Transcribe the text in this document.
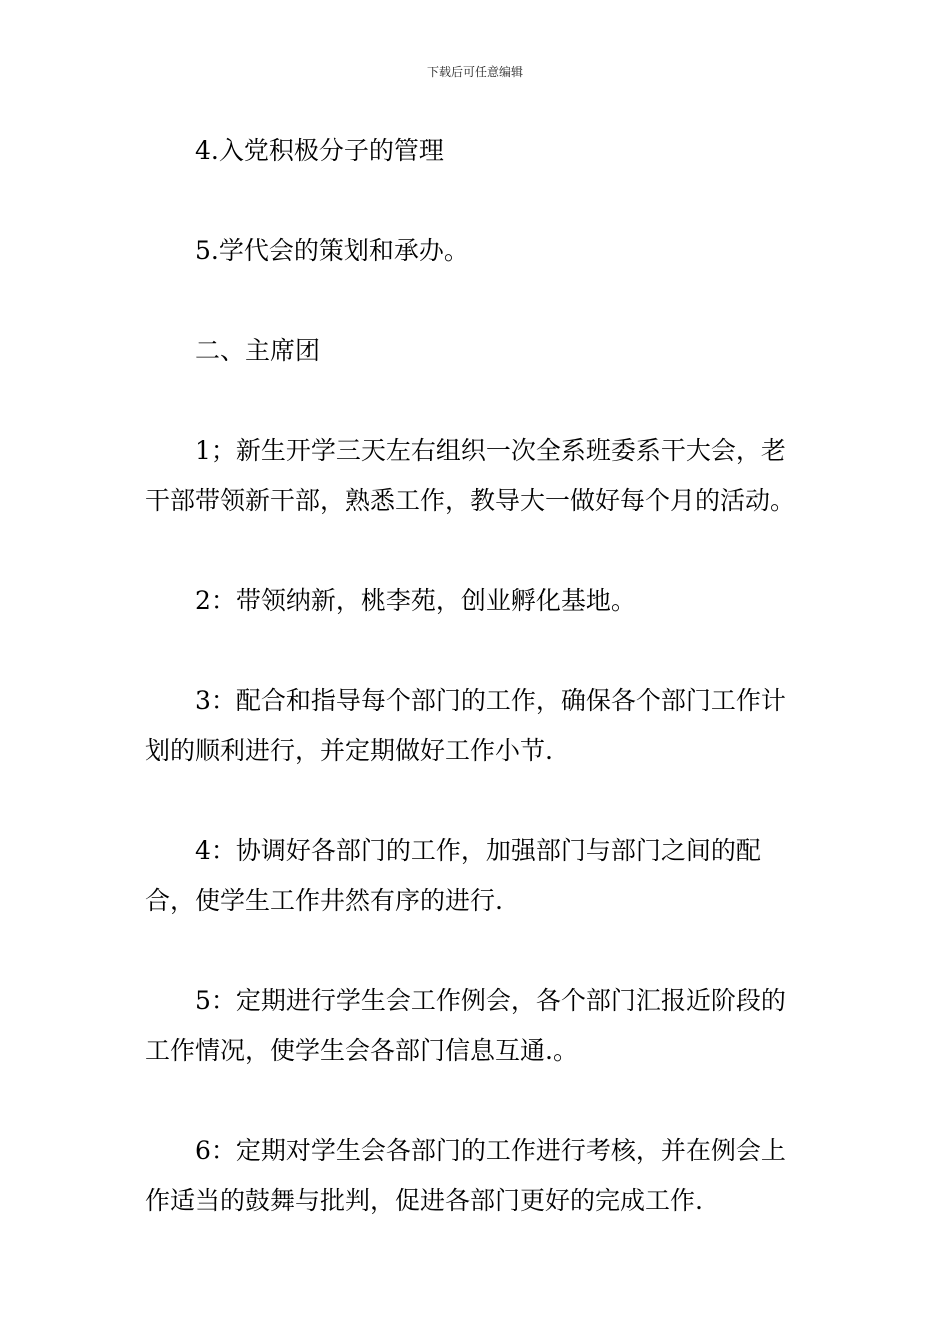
下载后可任意编辑

4.入党积极分子的管理

5.学代会的策划和承办。

二、主席团

1；新生开学三天左右组织一次全系班委系干大会，老干部带领新干部，熟悉工作，教导大一做好每个月的活动。

2：带领纳新，桃李苑，创业孵化基地。

3：配合和指导每个部门的工作，确保各个部门工作计划的顺利进行，并定期做好工作小节.

4：协调好各部门的工作，加强部门与部门之间的配合，使学生工作井然有序的进行.

5：定期进行学生会工作例会，各个部门汇报近阶段的工作情况，使学生会各部门信息互通.。

6：定期对学生会各部门的工作进行考核，并在例会上作适当的鼓舞与批判，促进各部门更好的完成工作.
